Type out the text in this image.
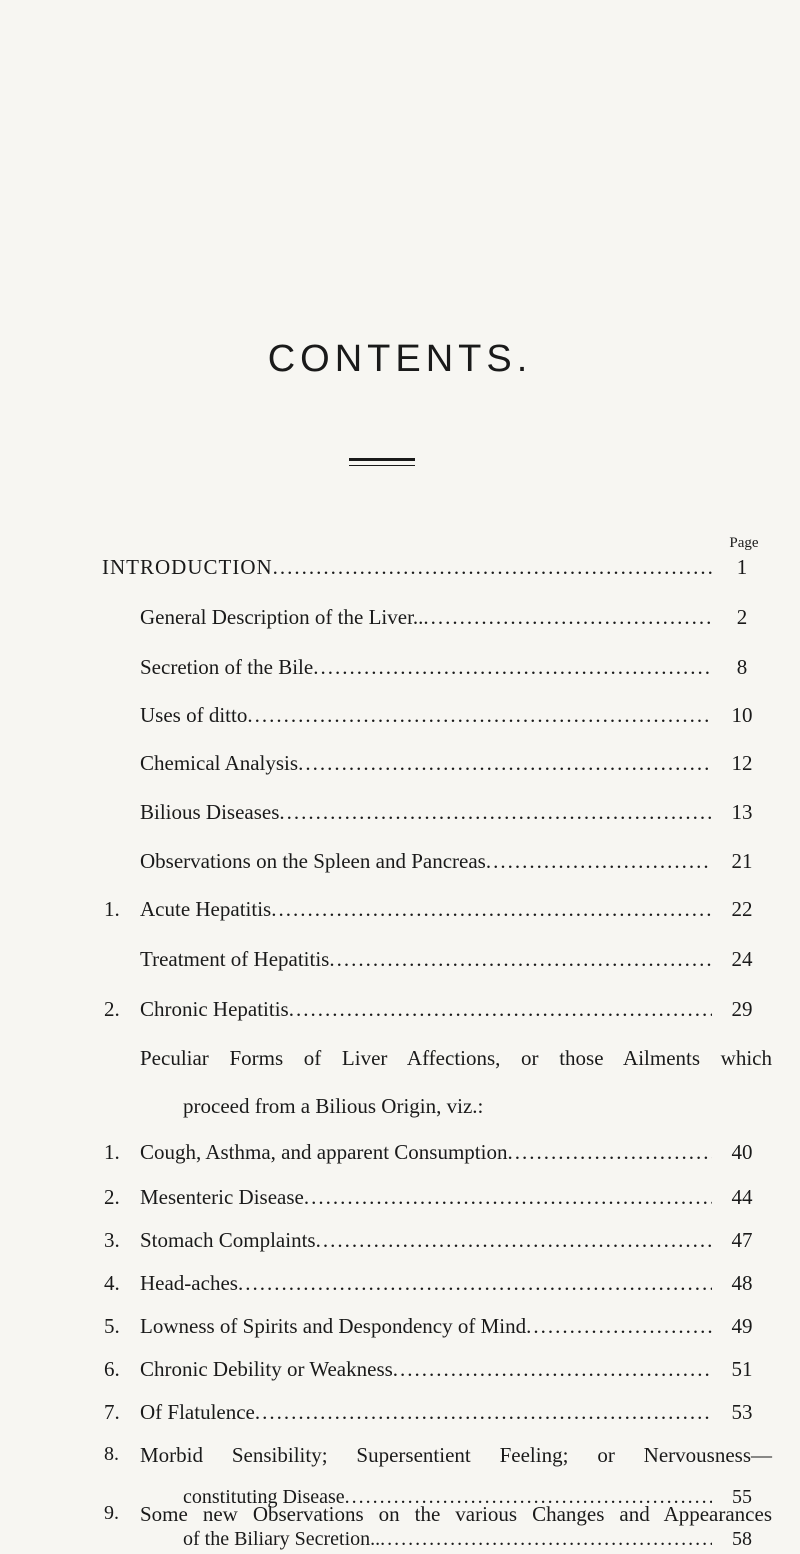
CONTENTS.
Page
INTRODUCTION .....	1
General Description of the Liver.. .....	2
Secretion of the Bile .....	8
Uses of ditto .....	10
Chemical Analysis .....	12
Bilious Diseases .....	13
Observations on the Spleen and Pancreas .....	21
1. Acute Hepatitis .....	22
Treatment of Hepatitis .....	24
2. Chronic Hepatitis .....	29
Peculiar Forms of Liver Affections, or those Ailments which
proceed from a Bilious Origin, viz.:
1. Cough, Asthma, and apparent Consumption .....	40
2. Mesenteric Disease .....	44
3. Stomach Complaints .....	47
4. Head-aches .....	48
5. Lowness of Spirits and Despondency of Mind .....	49
6. Chronic Debility or Weakness .....	51
7. Of Flatulence .....	53
8.	Morbid Sensibility; Supersentient Feeling; or Nervousness—
constituting Disease .....	55
9.	Some new Observations on the various Changes and Appearances
of the Biliary Secretion.. .....	58
